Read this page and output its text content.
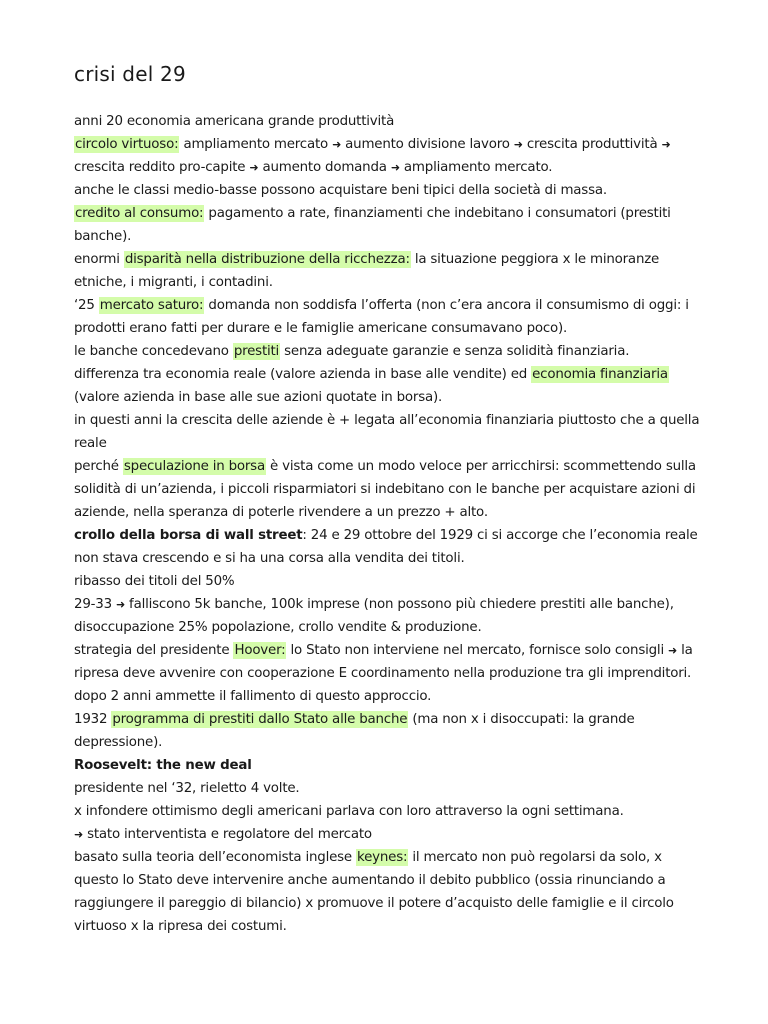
crisi del 29
anni 20 economia americana grande produttività
circolo virtuoso: ampliamento mercato ➜ aumento divisione lavoro ➜ crescita produttività ➜
crescita reddito pro-capite ➜ aumento domanda ➜ ampliamento mercato.
anche le classi medio-basse possono acquistare beni tipici della società di massa.
credito al consumo: pagamento a rate, finanziamenti che indebitano i consumatori (prestiti
banche).
enormi disparità nella distribuzione della ricchezza: la situazione peggiora x le minoranze
etniche, i migranti, i contadini.
‘25 mercato saturo: domanda non soddisfa l’offerta (non c’era ancora il consumismo di oggi: i
prodotti erano fatti per durare e le famiglie americane consumavano poco).
le banche concedevano prestiti senza adeguate garanzie e senza solidità finanziaria.
differenza tra economia reale (valore azienda in base alle vendite) ed economia finanziaria
(valore azienda in base alle sue azioni quotate in borsa).
in questi anni la crescita delle aziende è + legata all’economia finanziaria piuttosto che a quella
reale
perché speculazione in borsa è vista come un modo veloce per arricchirsi: scommettendo sulla
solidità di un’azienda, i piccoli risparmiatori si indebitano con le banche per acquistare azioni di
aziende, nella speranza di poterle rivendere a un prezzo + alto.
crollo della borsa di wall street: 24 e 29 ottobre del 1929 ci si accorge che l’economia reale
non stava crescendo e si ha una corsa alla vendita dei titoli.
ribasso dei titoli del 50%
29-33 ➜ falliscono 5k banche, 100k imprese (non possono più chiedere prestiti alle banche),
disoccupazione 25% popolazione, crollo vendite & produzione.
strategia del presidente Hoover: lo Stato non interviene nel mercato, fornisce solo consigli ➜ la
ripresa deve avvenire con cooperazione E coordinamento nella produzione tra gli imprenditori.
dopo 2 anni ammette il fallimento di questo approccio.
1932 programma di prestiti dallo Stato alle banche (ma non x i disoccupati: la grande
depressione).
Roosevelt: the new deal
presidente nel ‘32, rieletto 4 volte.
x infondere ottimismo degli americani parlava con loro attraverso la ogni settimana.
➜ stato interventista e regolatore del mercato
basato sulla teoria dell’economista inglese keynes: il mercato non può regolarsi da solo, x
questo lo Stato deve intervenire anche aumentando il debito pubblico (ossia rinunciando a
raggiungere il pareggio di bilancio) x promuove il potere d’acquisto delle famiglie e il circolo
virtuoso x la ripresa dei costumi.
